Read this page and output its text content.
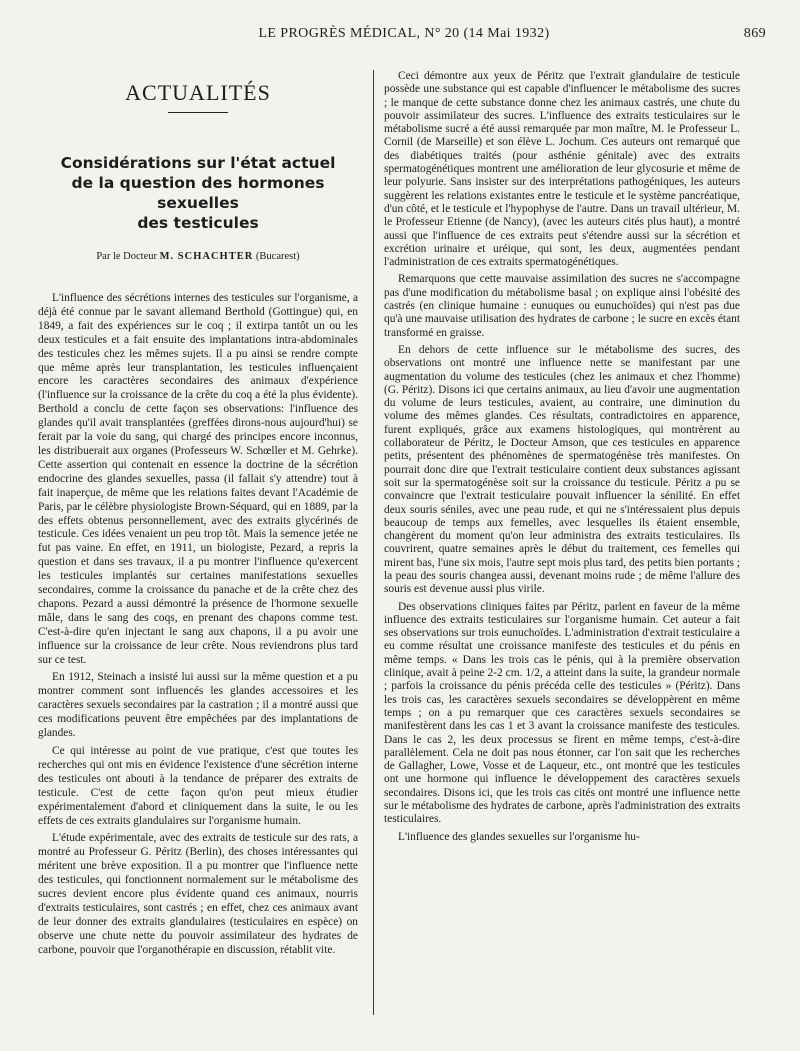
LE PROGRÈS MÉDICAL, N° 20 (14 Mai 1932)	869
ACTUALITÉS
Considérations sur l'état actuel
de la question des hormones sexuelles
des testicules
Par le Docteur M. SCHACHTER (Bucarest)

L'influence des sécrétions internes des testicules sur l'organisme, a déjà été connue par le savant allemand Berthold (Gottingue) qui, en 1849, a fait des expériences sur le coq ; il extirpa tantôt un ou les deux testicules et a fait ensuite des implantations intra-abdominales des testicules chez les mêmes sujets. Il a pu ainsi se rendre compte que même après leur transplantation, les testicules influençaient encore les caractères secondaires des animaux d'expérience (l'influence sur la croissance de la crête du coq a été la plus évidente). Berthold a conclu de cette façon ses observations: l'influence des glandes qu'il avait transplantées (greffées dirons-nous aujourd'hui) se ferait par la voie du sang, qui chargé des principes encore inconnus, les distribuerait aux organes (Professeurs W. Schœller et M. Gehrke). Cette assertion qui contenait en essence la doctrine de la sécrétion endocrine des glandes sexuelles, passa (il fallait s'y attendre) tout à fait inaperçue, de même que les relations faites devant l'Académie de Paris, par le célèbre physiologiste Brown-Séquard, qui en 1889, par la des effets obtenus personnellement, avec des extraits glycérinés de testicule. Ces idées venaient un peu trop tôt. Mais la semence jetée ne fut pas vaine. En effet, en 1911, un biologiste, Pezard, a repris la question et dans ses travaux, il a pu montrer l'influence qu'exercent les testicules implantés sur certaines manifestations sexuelles secondaires, comme la croissance du panache et de la crête chez des chapons. Pezard a aussi démontré la présence de l'hormone sexuelle mâle, dans le sang des coqs, en prenant des chapons comme test. C'est-à-dire qu'en injectant le sang aux chapons, il a pu avoir une influence sur la croissance de leur crête. Nous reviendrons plus tard sur ce test.

En 1912, Steinach a insisté lui aussi sur la même question et a pu montrer comment sont influencés les glandes accessoires et les caractères sexuels secondaires par la castration ; il a montré aussi que ces modifications peuvent être empêchées par des implantations de glandes.

Ce qui intéresse au point de vue pratique, c'est que toutes les recherches qui ont mis en évidence l'existence d'une sécrétion interne des testicules ont abouti à la tendance de préparer des extraits de testicule. C'est de cette façon qu'on peut mieux étudier expérimentalement d'abord et cliniquement dans la suite, le ou les effets de ces extraits glandulaires sur l'organisme humain.

L'étude expérimentale, avec des extraits de testicule sur des rats, a montré au Professeur G. Péritz (Berlin), des choses intéressantes qui méritent une brève exposition. Il a pu montrer que l'influence nette des testicules, qui fonctionnent normalement sur le métabolisme des sucres devient encore plus évidente quand ces animaux, nourris d'extraits testiculaires, sont castrés ; en effet, chez ces animaux avant de leur donner des extraits glandulaires (testiculaires en espèce) on observe une chute nette du pouvoir assimilateur des hydrates de carbone, pouvoir que l'organothérapie en discussion, rétablit vite.

Ceci démontre aux yeux de Péritz que l'extrait glandulaire de testicule possède une substance qui est capable d'influencer le métabolisme des sucres ; le manque de cette substance donne chez les animaux castrés, une chute du pouvoir assimilateur des sucres. L'influence des extraits testiculaires sur le métabolisme sucré a été aussi remarquée par mon maître, M. le Professeur L. Cornil (de Marseille) et son élève L. Jochum. Ces auteurs ont remarqué que des diabétiques traités (pour asthénie génitale) avec des extraits spermatogénétiques montrent une amélioration de leur glycosurie et même de leur polyurie. Sans insister sur des interprétations pathogéniques, les auteurs suggèrent les relations existantes entre le testicule et le système pancréatique, d'un côté, et le testicule et l'hypophyse de l'autre. Dans un travail ultérieur, M. le Professeur Etienne (de Nancy), (avec les auteurs cités plus haut), a montré aussi que l'influence de ces extraits peut s'étendre aussi sur la sécrétion et excrétion urinaire et uréique, qui sont, les deux, augmentées pendant l'administration de ces extraits spermatogénétiques.

Remarquons que cette mauvaise assimilation des sucres ne s'accompagne pas d'une modification du métabolisme basal ; on explique ainsi l'obésité des castrés (en clinique humaine : eunuques ou eunuchoïdes) qui n'est pas due qu'à une mauvaise utilisation des hydrates de carbone ; le sucre en excès étant transformé en graisse.

En dehors de cette influence sur le métabolisme des sucres, des observations ont montré une influence nette se manifestant par une augmentation du volume des testicules (chez les animaux et chez l'homme) (G. Péritz). Disons ici que certains animaux, au lieu d'avoir une augmentation du volume de leurs testicules, avaient, au contraire, une diminution du volume des mêmes glandes. Ces résultats, contradictoires en apparence, furent expliqués, grâce aux examens histologiques, qui montrèrent au collaborateur de Péritz, le Docteur Amson, que ces testicules en apparence petits, présentent des phénomènes de spermatogénèse très manifestes. On pourrait donc dire que l'extrait testiculaire contient deux substances agissant soit sur la spermatogénèse soit sur la croissance du testicule. Péritz a pu se convaincre que l'extrait testiculaire pouvait influencer la sénilité. En effet deux souris séniles, avec une peau rude, et qui ne s'intéressaient plus depuis beaucoup de temps aux femelles, avec lesquelles ils étaient ensemble, changèrent du moment qu'on leur administra des extraits testiculaires. Ils couvrirent, quatre semaines après le début du traitement, ces femelles qui mirent bas, l'une six mois, l'autre sept mois plus tard, des petits bien portants ; la peau des souris changea aussi, devenant moins rude ; de même l'allure des souris est devenue aussi plus virile.

Des observations cliniques faites par Péritz, parlent en faveur de la même influence des extraits testiculaires sur l'organisme humain. Cet auteur a fait ses observations sur trois eunuchoïdes. L'administration d'extrait testiculaire a eu comme résultat une croissance manifeste des testicules et du pénis en même temps. « Dans les trois cas le pénis, qui à la première observation clinique, avait à peine 2-2 cm. 1/2, a atteint dans la suite, la grandeur normale ; parfois la croissance du pénis précéda celle des testicules » (Péritz). Dans les trois cas, les caractères sexuels secondaires se développèrent en même temps ; on a pu remarquer que ces caractères sexuels secondaires se manifestèrent dans les cas 1 et 3 avant la croissance manifeste des testicules. Dans le cas 2, les deux processus se firent en même temps, c'est-à-dire parallèlement. Cela ne doit pas nous étonner, car l'on sait que les recherches de Gallagher, Lowe, Vosse et de Laqueur, etc., ont montré que les testicules ont une hormone qui influence le développement des caractères sexuels secondaires. Disons ici, que les trois cas cités ont montré une influence nette sur le métabolisme des hydrates de carbone, après l'administration des extraits testiculaires.

L'influence des glandes sexuelles sur l'organisme hu-
